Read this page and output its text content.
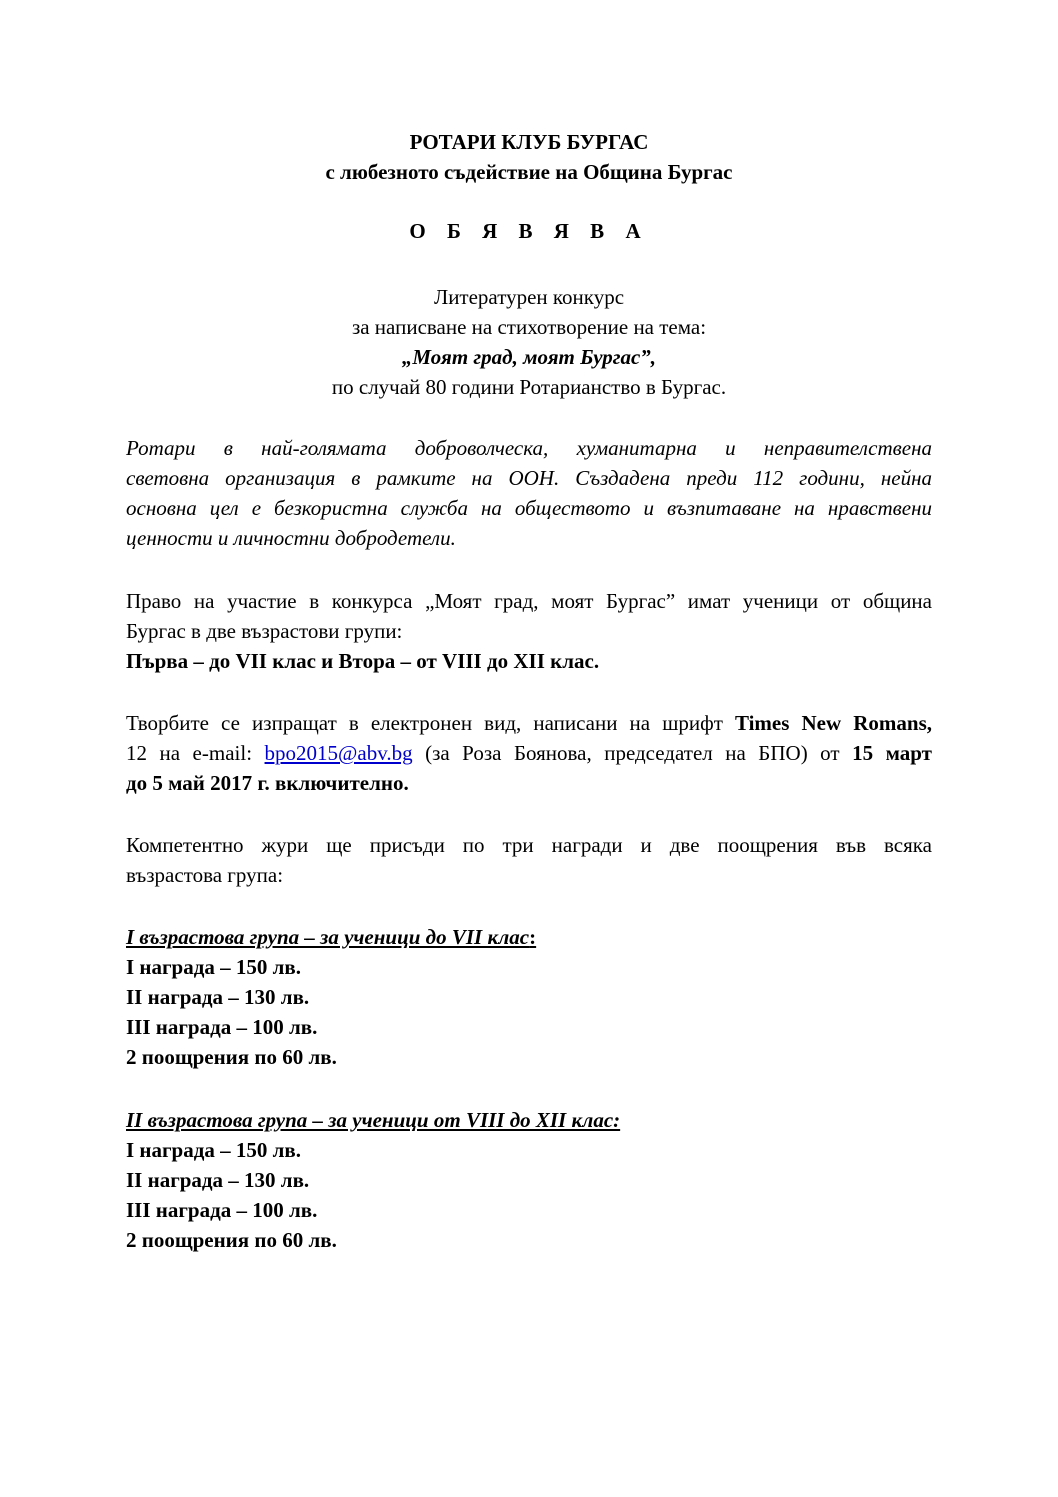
РОТАРИ КЛУБ БУРГАС
с любезното съдействие на Община Бургас
О Б Я В Я В А
Литературен конкурс
за написване на стихотворение на тема:
„Моят град, моят Бургас”,
по случай 80 години Ротарианство в Бургас.
Ротари в най-голямата доброволческа, хуманитарна и неправителствена
световна организация в рамките на ООН. Създадена преди 112 години, нейна
основна цел е безкористна служба на обществото и възпитаване на нравствени
ценности и личностни добродетели.
Право на участие в конкурса „Моят град, моят Бургас” имат ученици от община
Бургас в две възрастови групи:
Първа – до VII клас и Втора – от VIII до XII клас.
Творбите се изпращат в електронен вид, написани на шрифт Times New Romans,
12 на e-mail: bpo2015@abv.bg (за Роза Боянова, председател на БПО) от 15 март
до 5 май 2017 г. включително.
Компетентно жури ще присъди по три награди и две поощрения във всяка
възрастова група:
I възрастова група – за ученици до VII клас:
I награда – 150 лв.
II награда – 130 лв.
III награда – 100 лв.
2 поощрения по 60 лв.
II възрастова група – за ученици от VIII до XII клас:
I награда – 150 лв.
II награда – 130 лв.
III награда – 100 лв.
2 поощрения по 60 лв.
